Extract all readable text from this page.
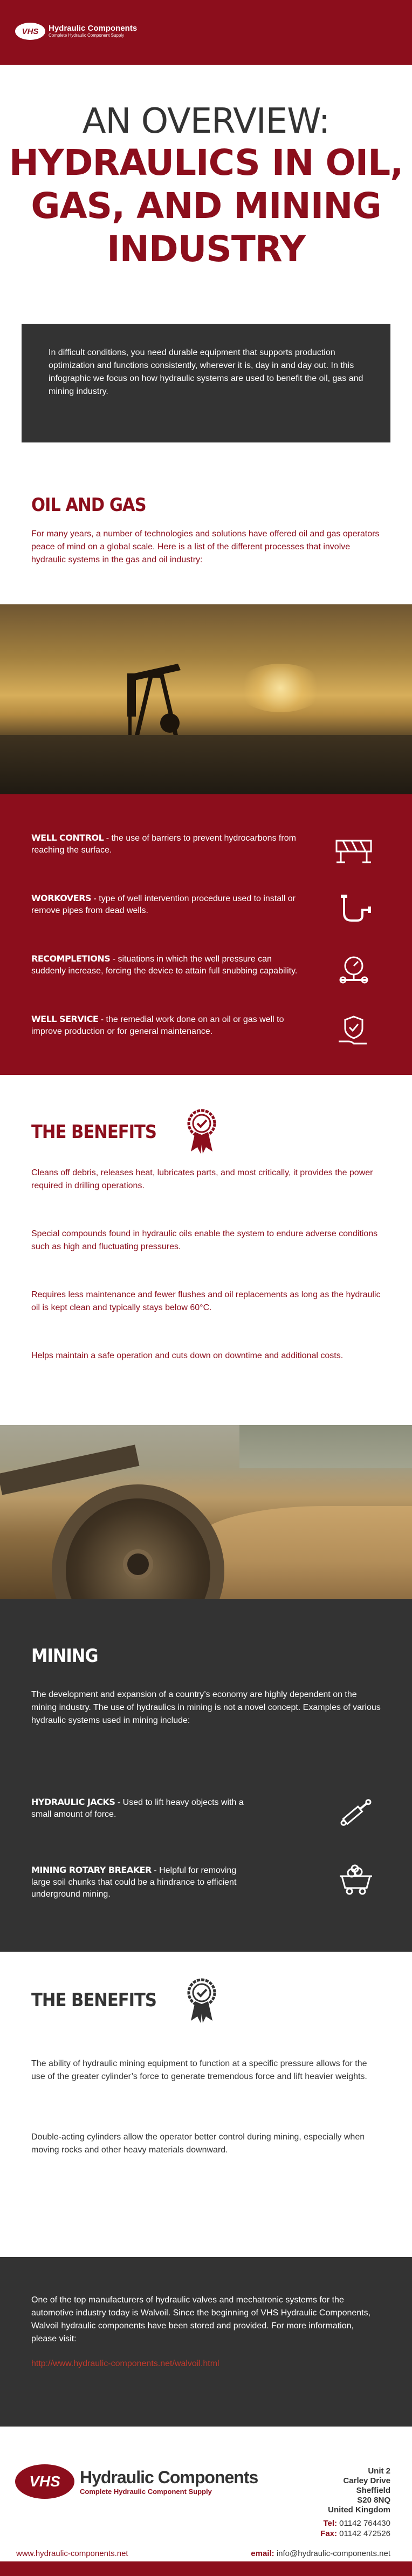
VHS Hydraulic Components
Complete Hydraulic Component Supply
AN OVERVIEW:
HYDRAULICS IN OIL,
GAS, AND MINING
INDUSTRY

In difficult conditions, you need durable equipment that supports production optimization and functions consistently, wherever it is, day in and day out. In this infographic we focus on how hydraulic systems are used to benefit the oil, gas and mining industry.

OIL AND GAS
For many years, a number of technologies and solutions have offered oil and gas operators peace of mind on a global scale. Here is a list of the different processes that involve hydraulic systems in the gas and oil industry:
WELL CONTROL - the use of barriers to prevent hydrocarbons from reaching the surface.
WORKOVERS - type of well intervention procedure used to install or remove pipes from dead wells.
RECOMPLETIONS - situations in which the well pressure can suddenly increase, forcing the device to attain full snubbing capability.
WELL SERVICE - the remedial work done on an oil or gas well to improve production or for general maintenance.
THE BENEFITS

Cleans off debris, releases heat, lubricates parts, and most critically, it provides the power required in drilling operations.

Special compounds found in hydraulic oils enable the system to endure adverse conditions such as high and fluctuating pressures.

Requires less maintenance and fewer flushes and oil replacements as long as the hydraulic oil is kept clean and typically stays below 60°C.

Helps maintain a safe operation and cuts down on downtime and additional costs.

MINING
The development and expansion of a country’s economy are highly dependent on the mining industry. The use of hydraulics in mining is not a novel concept. Examples of various hydraulic systems used in mining include:
HYDRAULIC JACKS - Used to lift heavy objects with a small amount of force.
MINING ROTARY BREAKER - Helpful for removing large soil chunks that could be a hindrance to efficient underground mining.
THE BENEFITS

The ability of hydraulic mining equipment to function at a specific pressure allows for the use of the greater cylinder’s force to generate tremendous force and lift heavier weights.

Double-acting cylinders allow the operator better control during mining, especially when moving rocks and other heavy materials downward.

One of the top manufacturers of hydraulic valves and mechatronic systems for the automotive industry today is Walvoil. Since the beginning of VHS Hydraulic Components, Walvoil hydraulic components have been stored and provided. For more information, please visit:

http://www.hydraulic-components.net/walvoil.html
VHS Hydraulic Components
Complete Hydraulic Component Supply
Unit 2
Carley Drive
Sheffield
S20 8NQ
United Kingdom
Tel: 01142 764430
Fax: 01142 472526
www.hydraulic-components.net	email: info@hydraulic-components.net
